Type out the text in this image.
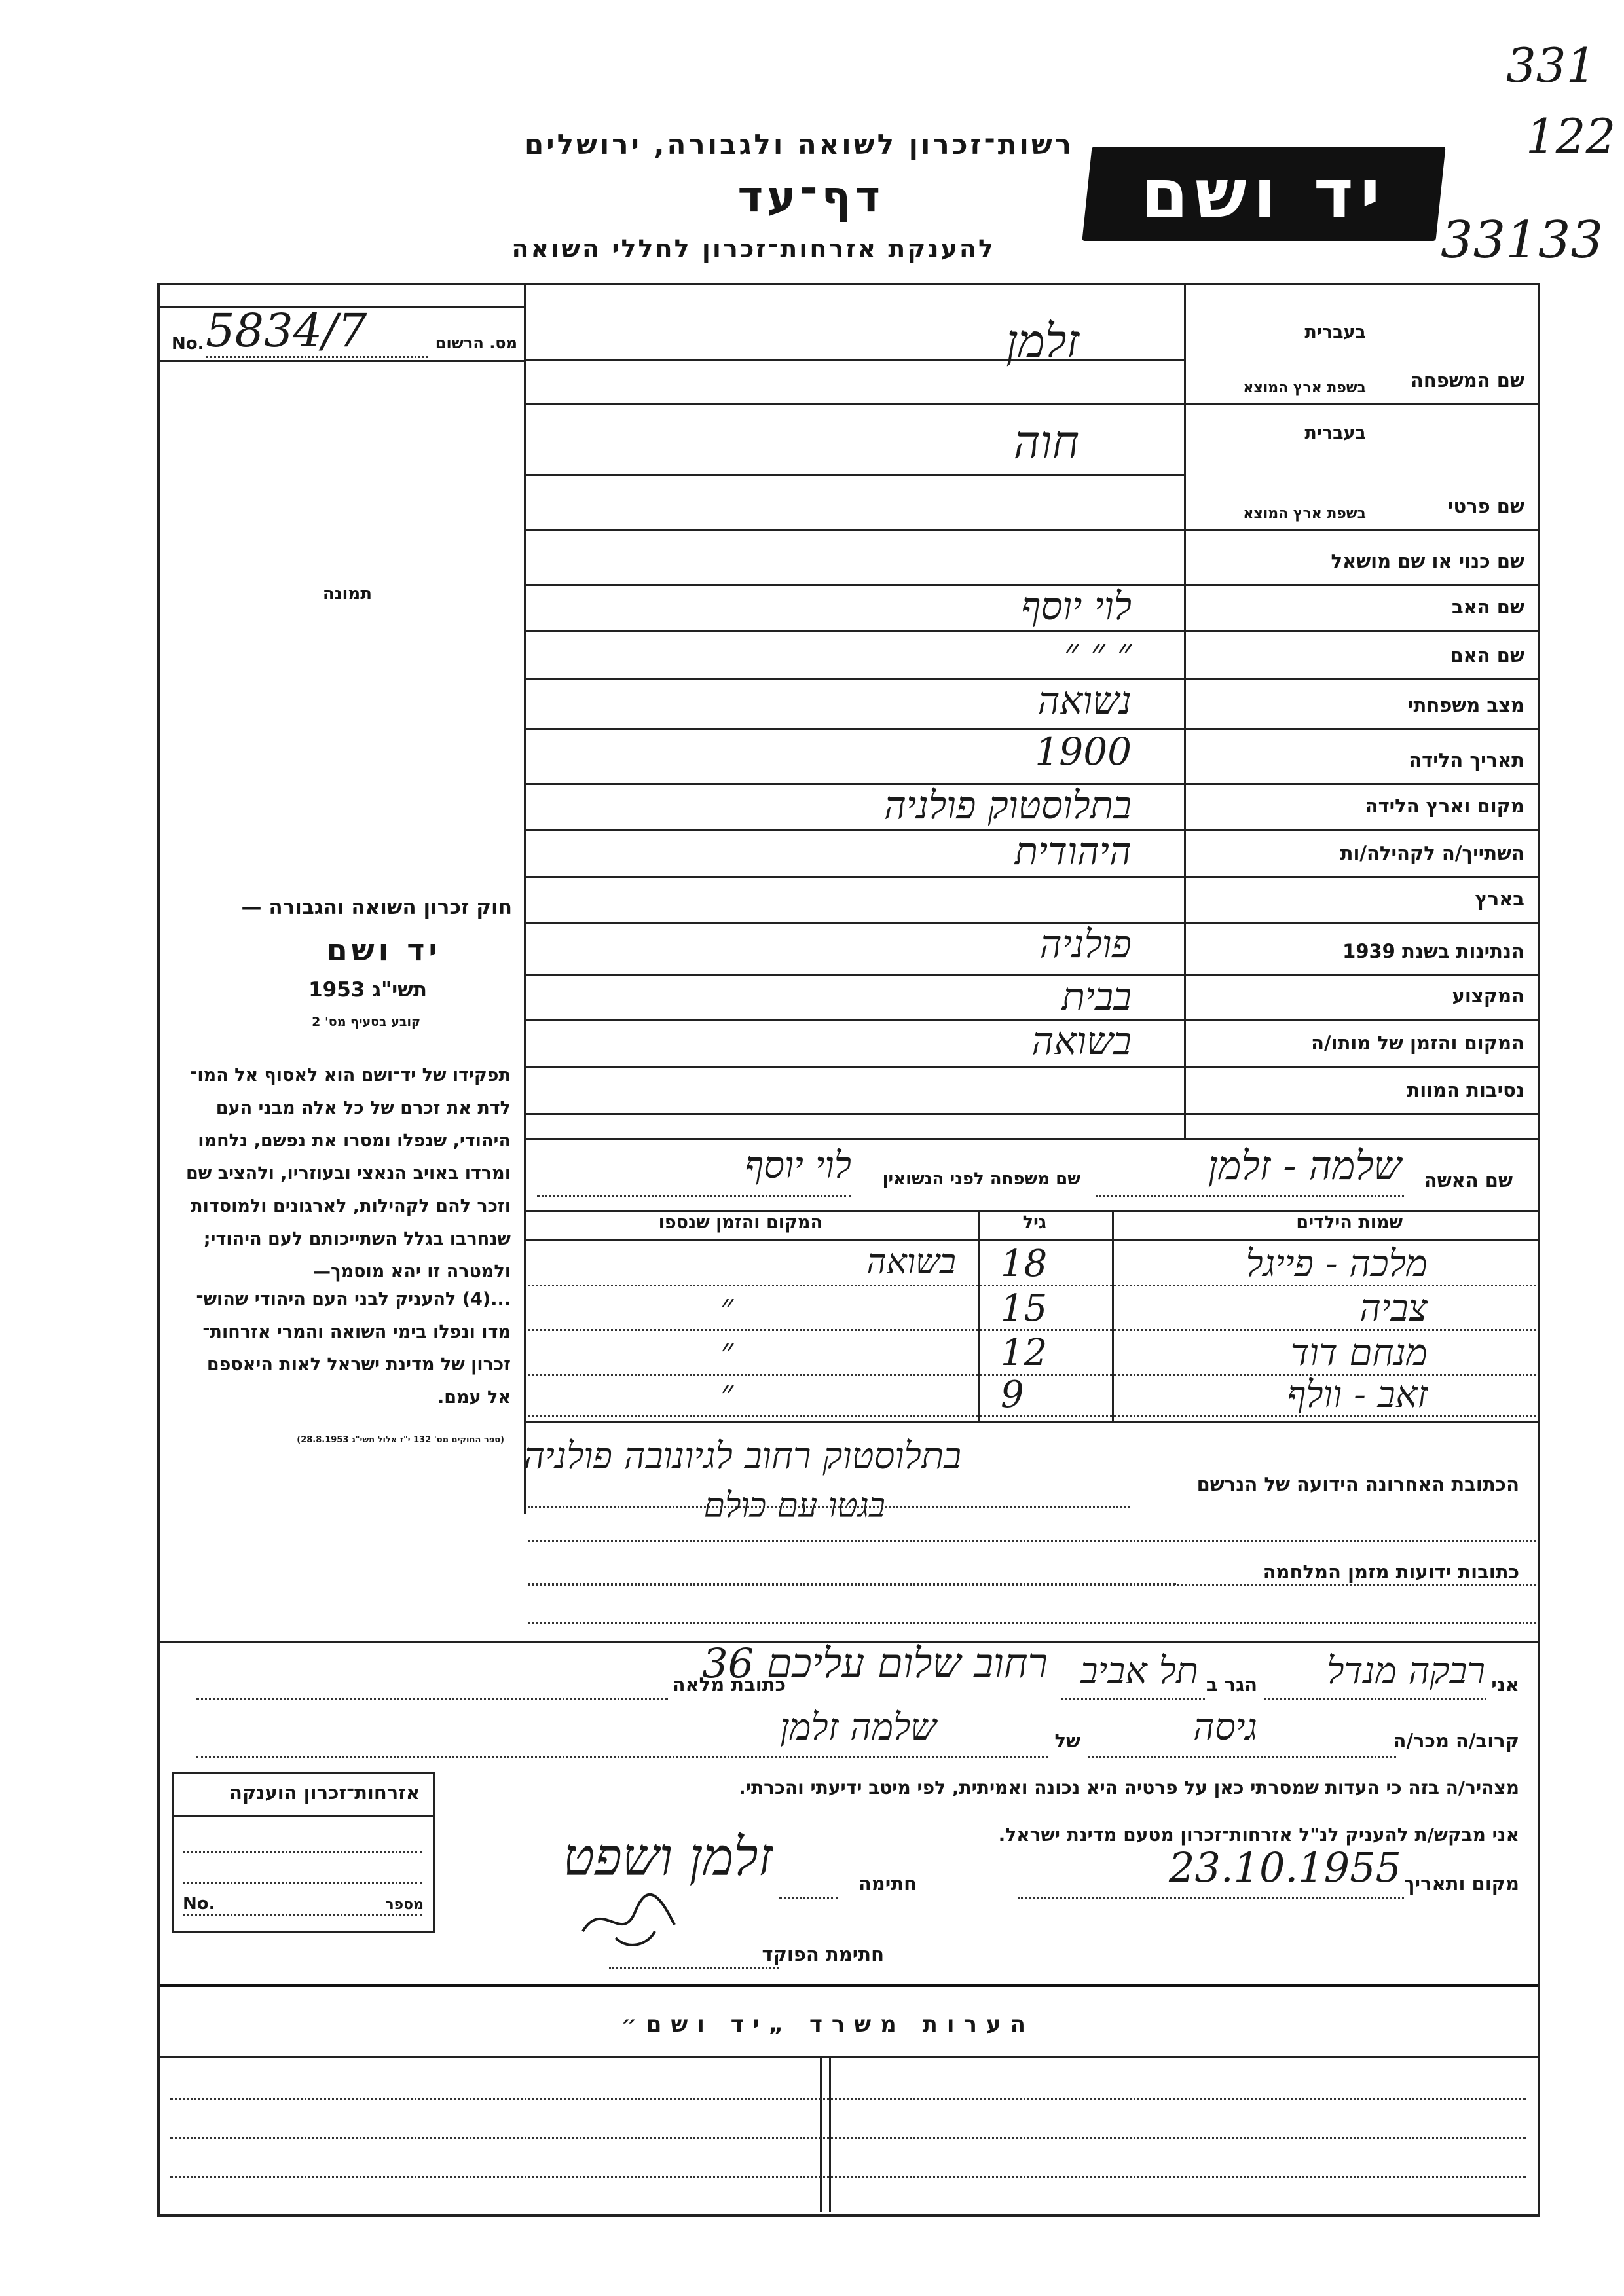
רשות־זכרון לשואה ולגבורה, ירושלים
דף־עד
להענקת אזרחות־זכרון לחללי השואה
יד ושם
331
122
33133
מס. הרשום
No. 5834/7
תמונה
חוק זכרון השואה והגבורה —
יד ושם
תשי"ג 1953
קובע בסעיף מס' 2
תפקידו של יד־ושם הוא לאסוף אל המו־
לדת את זכרם של כל אלה מבני העם
היהודי, שנפלו ומסרו את נפשם, נלחמו
ומרדו באויב הנאצי ובעוזריו, ולהציב שם
וזכר להם לקהילות, לארגונים ולמוסדות
שנחרבו בגלל השתייכותם לעם היהודי;
ולמטרה זו יהא מוסמך—
...(4) להעניק לבני העם היהודי שהוש־
מדו ונפלו בימי השואה והמרי אזרחות־
זכרון של מדינת ישראל לאות היאספם
אל עמם.
(ספר החוקים מס' 132 י"ז אלול תשי"ג 28.8.1953)
שם המשפחה
בעברית
בשפת ארץ המוצא
זלמן
שם פרטי
בעברית
בשפת ארץ המוצא
חוה
שם כנוי או שם מושאל
שם האב
לוי יוסף
שם האם
״ ״ ״
מצב משפחתי
נשואה
תאריך הלידה
1900
מקום וארץ הלידה
בתלוסטוק פולניה
השתייך/ה לקהילה/ות
היהודית
בארץ
הנתינות בשנת 1939
פולניה
המקצוע
בבית
המקום והזמן של מותו/ה
בשואה
נסיבות המוות
שם האשה
שלמה - זלמן
שם משפחה לפני הנשואין
לוי יוסף
שמות הילדים
גיל
המקום והזמן שנספו
מלכה - פייגל
18
בשואה
צביה
15
״
מנחם דוד
12
״
זאב - וולף
9
״
הכתובת האחרונה הידועה של הנרשם
בתלוסטוק רחוב לגיונובה פולניה
בגטו עם כולם
כתובות ידועות מזמן המלחמה
אני
רבקה מנדל
הגר ב
תל אביב
כתובת מלאה
רחוב שלום עליכם 36
קרוב/ה מכר/ה
גיסה
של
שלמה זלמן
מצהיר/ה בזה כי העדות שמסרתי כאן על פרטיה היא נכונה ואמיתית, לפי מיטב ידיעתי והכרתי.
אני מבקש/ת להעניק לנ"ל אזרחות־זכרון מטעם מדינת ישראל.
מקום ותאריך
23.10.1955
חתימה
זלמן ושפט
חתימת הפוקד
אזרחות־זכרון הוענקה
מספר
No.
הערות משרד „יד ושם״
